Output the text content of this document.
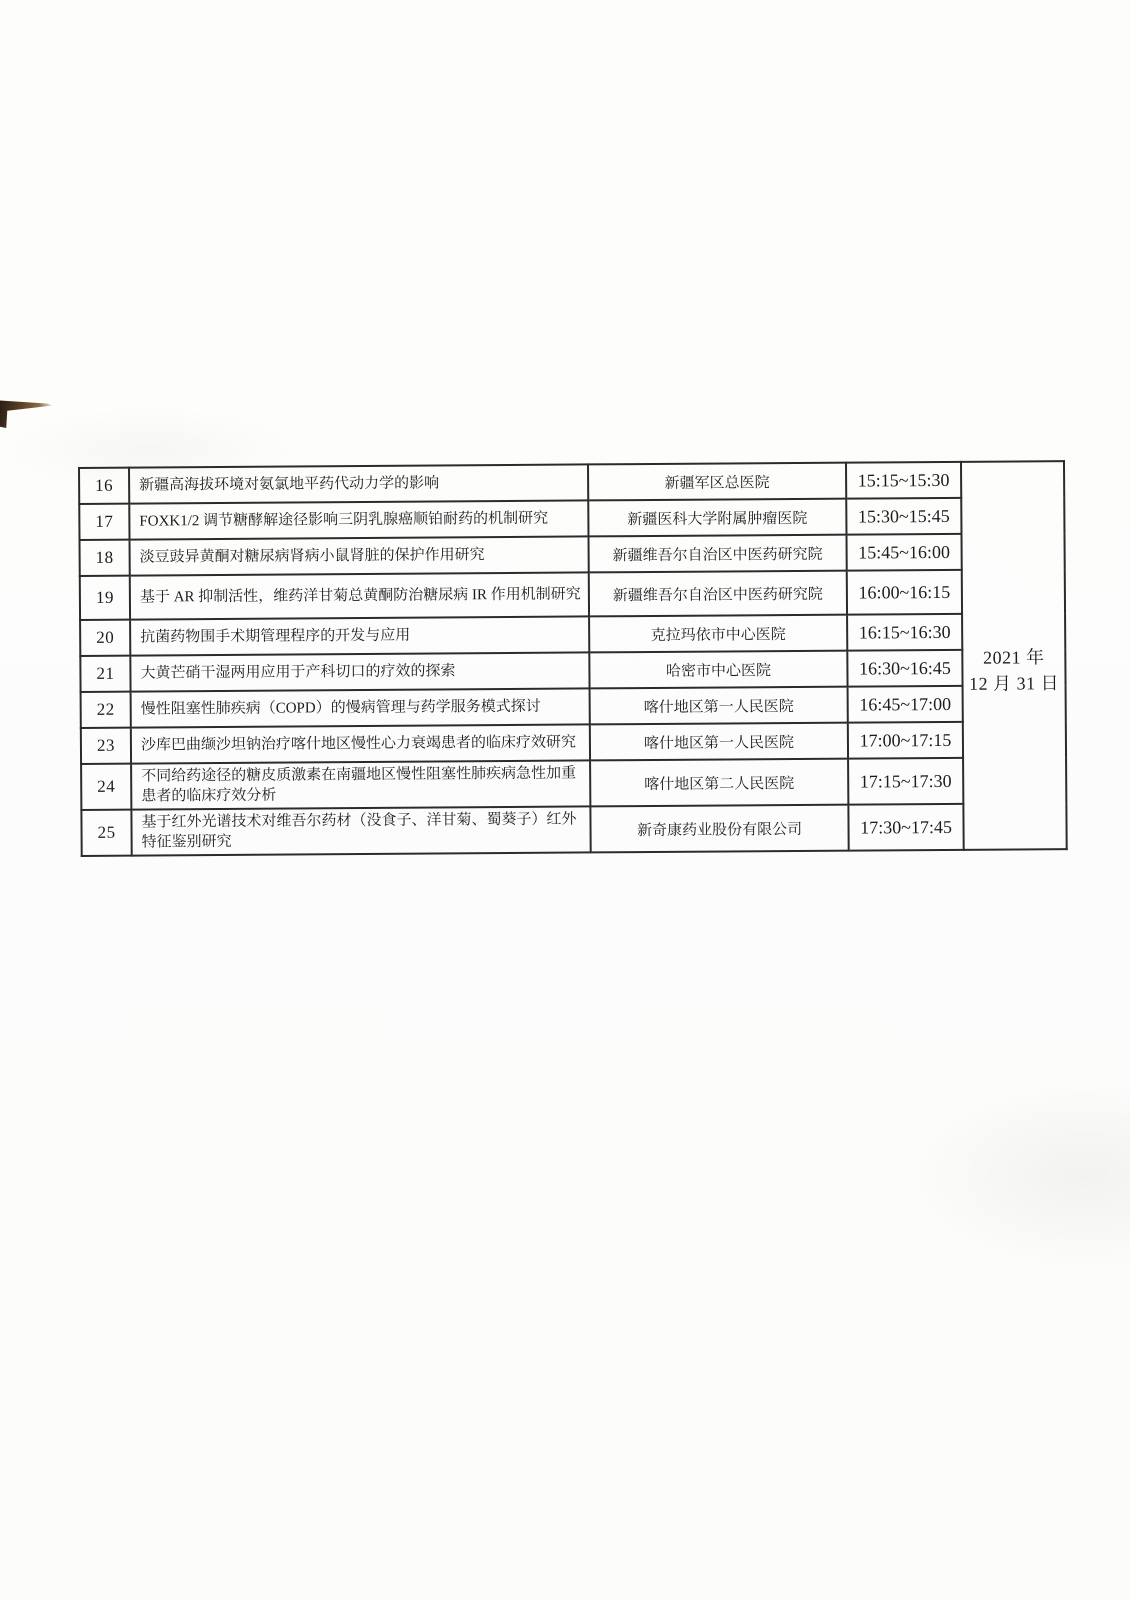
16	新疆高海拔环境对氨氯地平药代动力学的影响	新疆军区总医院	15:15~15:30	2021 年
12 月 31 日

17	FOXK1/2 调节糖酵解途径影响三阴乳腺癌顺铂耐药的机制研究	新疆医科大学附属肿瘤医院	15:30~15:45	
18	淡豆豉异黄酮对糖尿病肾病小鼠肾脏的保护作用研究	新疆维吾尔自治区中医药研究院	15:45~16:00	
19	基于 AR 抑制活性，维药洋甘菊总黄酮防治糖尿病 IR 作用机制研究	新疆维吾尔自治区中医药研究院	16:00~16:15	
20	抗菌药物围手术期管理程序的开发与应用	克拉玛依市中心医院	16:15~16:30	
21	大黄芒硝干湿两用应用于产科切口的疗效的探索	哈密市中心医院	16:30~16:45	
22	慢性阻塞性肺疾病（COPD）的慢病管理与药学服务模式探讨	喀什地区第一人民医院	16:45~17:00	
23	沙库巴曲缬沙坦钠治疗喀什地区慢性心力衰竭患者的临床疗效研究	喀什地区第一人民医院	17:00~17:15	
24	不同给药途径的糖皮质激素在南疆地区慢性阻塞性肺疾病急性加重患者的临床疗效分析	喀什地区第二人民医院	17:15~17:30	
25	基于红外光谱技术对维吾尔药材（没食子、洋甘菊、蜀葵子）红外特征鉴别研究	新奇康药业股份有限公司	17:30~17:45	
